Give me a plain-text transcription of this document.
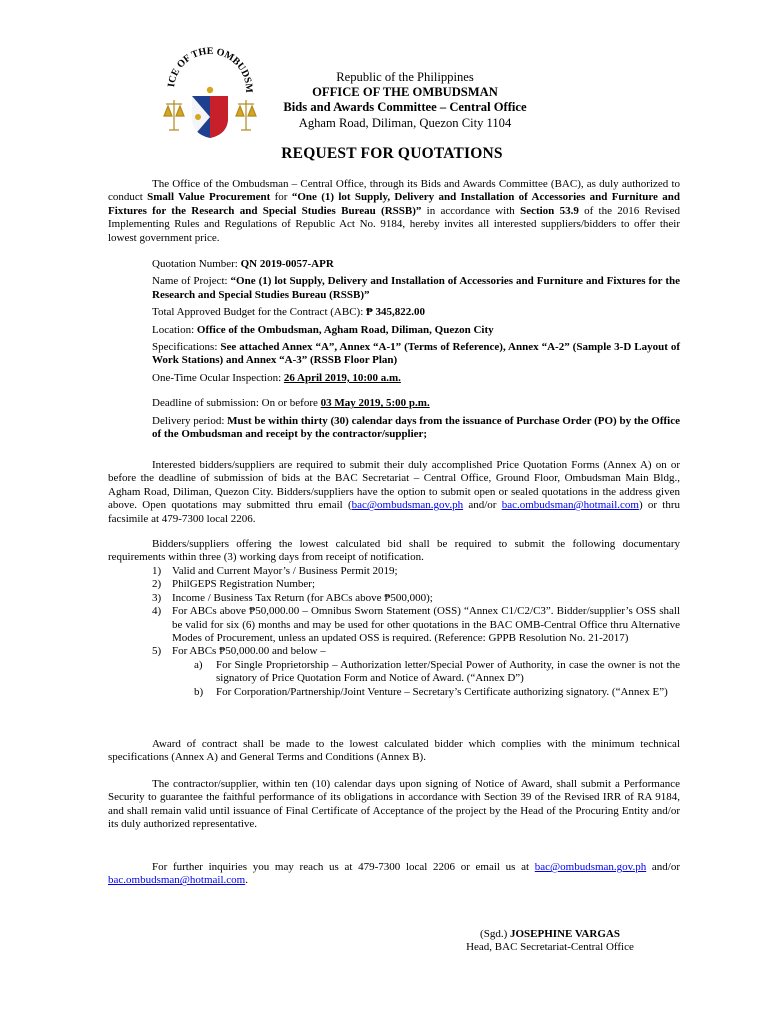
ICE OF THE OMBUDSM
Republic of the Philippines
OFFICE OF THE OMBUDSMAN
Bids and Awards Committee – Central Office
Agham Road, Diliman, Quezon City 1104
REQUEST FOR QUOTATIONS
The Office of the Ombudsman – Central Office, through its Bids and Awards Committee (BAC), as duly authorized to conduct Small Value Procurement for “One (1) lot Supply, Delivery and Installation of Accessories and Furniture and Fixtures for the Research and Special Studies Bureau (RSSB)” in accordance with Section 53.9 of the 2016 Revised Implementing Rules and Regulations of Republic Act No. 9184, hereby invites all interested suppliers/bidders to offer their lowest government price.
Quotation Number: QN 2019-0057-APR
Name of Project: “One (1) lot Supply, Delivery and Installation of Accessories and Furniture and Fixtures for the Research and Special Studies Bureau (RSSB)”
Total Approved Budget for the Contract (ABC): ₱ 345,822.00
Location: Office of the Ombudsman, Agham Road, Diliman, Quezon City
Specifications: See attached Annex “A”, Annex “A-1” (Terms of Reference), Annex “A-2” (Sample 3-D Layout of Work Stations) and Annex “A-3” (RSSB Floor Plan)
One-Time Ocular Inspection: 26 April 2019, 10:00 a.m.
Deadline of submission: On or before 03 May 2019, 5:00 p.m.
Delivery period: Must be within thirty (30) calendar days from the issuance of Purchase Order (PO) by the Office of the Ombudsman and receipt by the contractor/supplier;
Interested bidders/suppliers are required to submit their duly accomplished Price Quotation Forms (Annex A) on or before the deadline of submission of bids at the BAC Secretariat – Central Office, Ground Floor, Ombudsman Main Bldg., Agham Road, Diliman, Quezon City. Bidders/suppliers have the option to submit open or sealed quotations in the address given above. Open quotations may submitted thru email (bac@ombudsman.gov.ph and/or bac.ombudsman@hotmail.com) or thru facsimile at 479-7300 local 2206.
Bidders/suppliers offering the lowest calculated bid shall be required to submit the following documentary requirements within three (3) working days from receipt of notification.
1) Valid and Current Mayor’s / Business Permit 2019;
2) PhilGEPS Registration Number;
3) Income / Business Tax Return (for ABCs above ₱500,000);
4) For ABCs above ₱50,000.00 – Omnibus Sworn Statement (OSS) “Annex C1/C2/C3”. Bidder/supplier’s OSS shall be valid for six (6) months and may be used for other quotations in the BAC OMB-Central Office thru Alternative Modes of Procurement, unless an updated OSS is required. (Reference: GPPB Resolution No. 21-2017)
5) For ABCs ₱50,000.00 and below –
a) For Single Proprietorship – Authorization letter/Special Power of Authority, in case the owner is not the signatory of Price Quotation Form and Notice of Award. (“Annex D”)
b) For Corporation/Partnership/Joint Venture – Secretary’s Certificate authorizing signatory. (“Annex E”)
Award of contract shall be made to the lowest calculated bidder which complies with the minimum technical specifications (Annex A) and General Terms and Conditions (Annex B).
The contractor/supplier, within ten (10) calendar days upon signing of Notice of Award, shall submit a Performance Security to guarantee the faithful performance of its obligations in accordance with Section 39 of the Revised IRR of RA 9184, and shall remain valid until issuance of Final Certificate of Acceptance of the project by the Head of the Procuring Entity and/or its duly authorized representative.
For further inquiries you may reach us at 479-7300 local 2206 or email us at bac@ombudsman.gov.ph and/or bac.ombudsman@hotmail.com.
(Sgd.) JOSEPHINE VARGAS
Head, BAC Secretariat-Central Office
